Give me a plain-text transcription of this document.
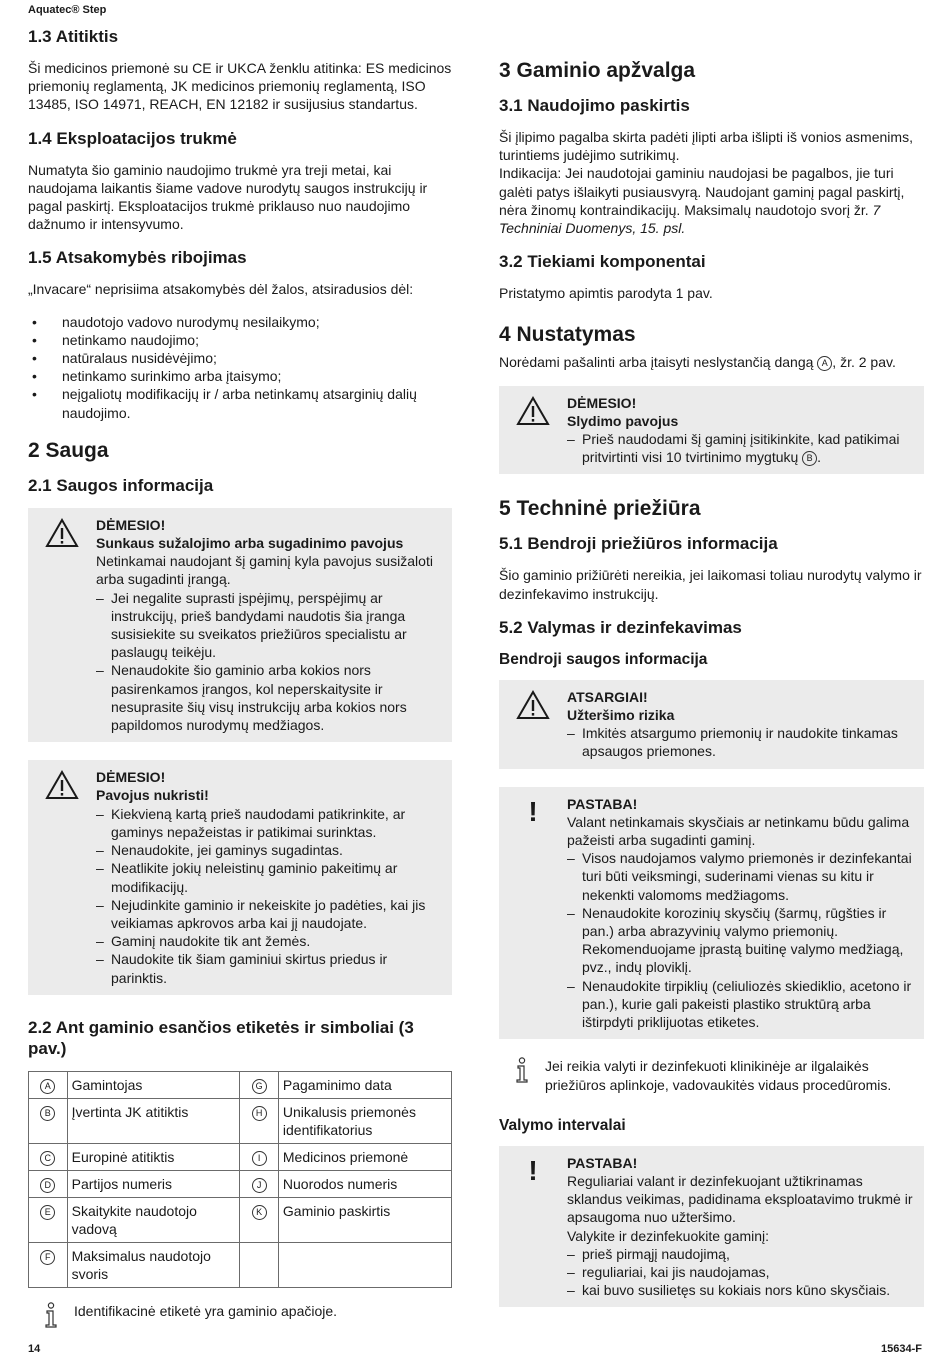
Aquatec® Step
1.3 Atitiktis

Ši medicinos priemonė su CE ir UKCA ženklu atitinka: ES medicinos priemonių reglamentą, JK medicinos priemonių reglamentą, ISO 13485, ISO 14971, REACH, EN 12182 ir susijusius standartus.

1.4 Eksploatacijos trukmė

Numatyta šio gaminio naudojimo trukmė yra treji metai, kai naudojama laikantis šiame vadove nurodytų saugos instrukcijų ir pagal paskirtį. Eksploatacijos trukmė priklauso nuo naudojimo dažnumo ir intensyvumo.

1.5 Atsakomybės ribojimas

„Invacare“ neprisiima atsakomybės dėl žalos, atsiradusios dėl:

• naudotojo vadovo nurodymų nesilaikymo;
• netinkamo naudojimo;
• natūralaus nusidėvėjimo;
• netinkamo surinkimo arba įtaisymo;
• neįgaliotų modifikacijų ir / arba netinkamų atsarginių dalių naudojimo.
2 Sauga
2.1 Saugos informacija
DĖMESIO!
Sunkaus sužalojimo arba sugadinimo pavojus
Netinkamai naudojant šį gaminį kyla pavojus susižaloti arba sugadinti įrangą.
– Jei negalite suprasti įspėjimų, perspėjimų ar instrukcijų, prieš bandydami naudotis šia įranga susisiekite su sveikatos priežiūros specialistu ar paslaugų teikėju.
– Nenaudokite šio gaminio arba kokios nors pasirenkamos įrangos, kol neperskaitysite ir nesuprasite šių visų instrukcijų arba kokios nors papildomos nurodymų medžiagos.
DĖMESIO!
Pavojus nukristi!
– Kiekvieną kartą prieš naudodami patikrinkite, ar gaminys nepažeistas ir patikimai surinktas.
– Nenaudokite, jei gaminys sugadintas.
– Neatlikite jokių neleistinų gaminio pakeitimų ar modifikacijų.
– Nejudinkite gaminio ir nekeiskite jo padėties, kai jis veikiamas apkrovos arba kai jį naudojate.
– Gaminį naudokite tik ant žemės.
– Naudokite tik šiam gaminiui skirtus priedus ir parinktis.
2.2 Ant gaminio esančios etiketės ir simboliai (3 pav.)
A	Gamintojas	G	Pagaminimo data
B	Įvertinta JK atitiktis	H	Unikalusis priemonės identifikatorius
C	Europinė atitiktis	I	Medicinos priemonė
D	Partijos numeris	J	Nuorodos numeris
E	Skaitykite naudotojo vadovą	K	Gaminio paskirtis
F	Maksimalus naudotojo svoris		
Identifikacinė etiketė yra gaminio apačioje.
3 Gaminio apžvalga
3.1 Naudojimo paskirtis

Ši įlipimo pagalba skirta padėti įlipti arba išlipti iš vonios asmenims, turintiems judėjimo sutrikimų.

Indikacija: Jei naudotojai gaminiu naudojasi be pagalbos, jie turi galėti patys išlaikyti pusiausvyrą. Naudojant gaminį pagal paskirtį, nėra žinomų kontraindikacijų. Maksimalų naudotojo svorį žr. 7 Techniniai Duomenys, 15. psl.

3.2 Tiekiami komponentai

Pristatymo apimtis parodyta 1 pav.

4 Nustatymas

Norėdami pašalinti arba įtaisyti neslystančią dangą A , žr. 2 pav.

DĖMESIO!
Slydimo pavojus
– Prieš naudodami šį gaminį įsitikinkite, kad patikimai pritvirtinti visi 10 tvirtinimo mygtukų B .
5 Techninė priežiūra
5.1 Bendroji priežiūros informacija

Šio gaminio prižiūrėti nereikia, jei laikomasi toliau nurodytų valymo ir dezinfekavimo instrukcijų.

5.2 Valymas ir dezinfekavimas
Bendroji saugos informacija
ATSARGIAI!
Užteršimo rizika
– Imkitės atsargumo priemonių ir naudokite tinkamas apsaugos priemones.
! PASTABA!
Valant netinkamais skysčiais ar netinkamu būdu galima pažeisti arba sugadinti gaminį.
– Visos naudojamos valymo priemonės ir dezinfekantai turi būti veiksmingi, suderinami vienas su kitu ir nekenkti valomoms medžiagoms.
– Nenaudokite korozinių skysčių (šarmų, rūgšties ir pan.) arba abrazyvinių valymo priemonių. Rekomenduojame įprastą buitinę valymo medžiagą, pvz., indų ploviklį.
– Nenaudokite tirpiklių (celiuliozės skiediklio, acetono ir pan.), kurie gali pakeisti plastiko struktūrą arba ištirpdyti priklijuotas etiketes.
Jei reikia valyti ir dezinfekuoti klinikinėje ar ilgalaikės priežiūros aplinkoje, vadovaukitės vidaus procedūromis.
Valymo intervalai
! PASTABA!
Reguliariai valant ir dezinfekuojant užtikrinamas sklandus veikimas, padidinama eksploatavimo trukmė ir apsaugoma nuo užteršimo.
Valykite ir dezinfekuokite gaminį:
– prieš pirmąjį naudojimą,
– reguliariai, kai jis naudojamas,
– kai buvo susilietęs su kokiais nors kūno skysčiais.
14	15634-F
